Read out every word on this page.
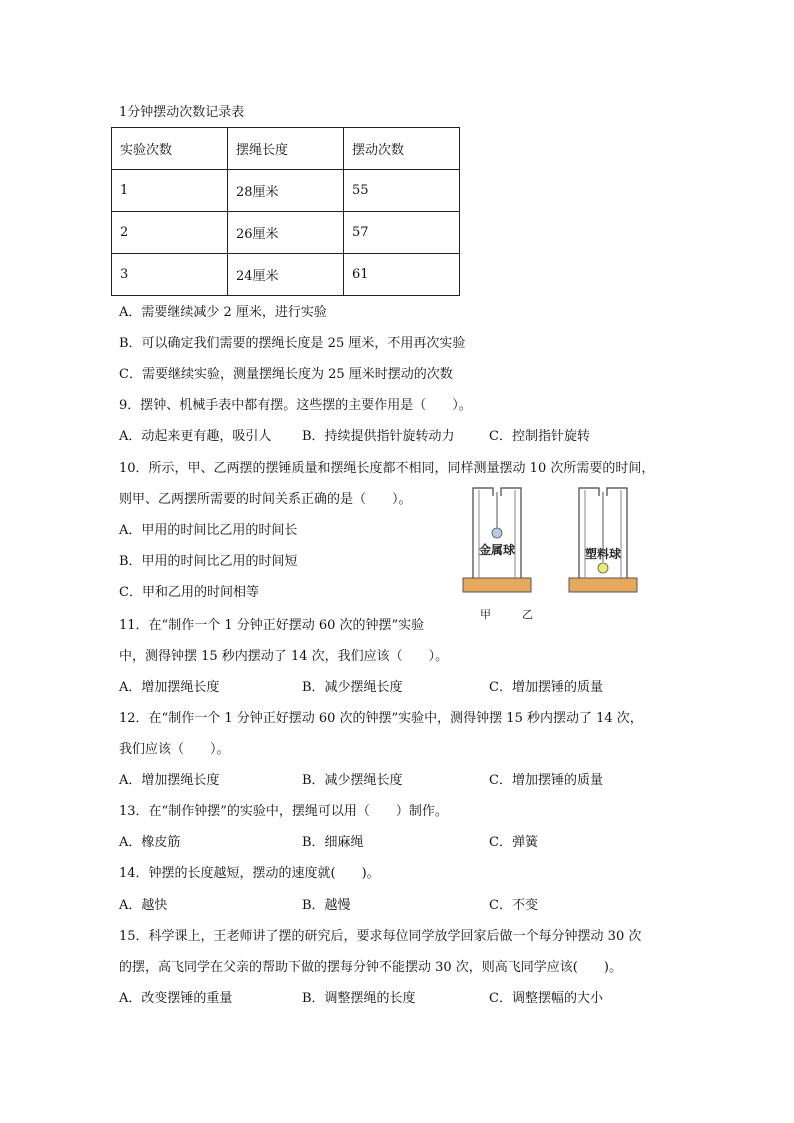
1分钟摆动次数记录表
实验次数	摆绳长度	摆动次数
1	28厘米	55
2	26厘米	57
3	24厘米	61
A．需要继续减少 2 厘米，进行实验
B．可以确定我们需要的摆绳长度是 25 厘米，不用再次实验
C．需要继续实验，测量摆绳长度为 25 厘米时摆动的次数
9．摆钟、机械手表中都有摆。这些摆的主要作用是（　　）。
A．动起来更有趣，吸引人 B．持续提供指针旋转动力	C．控制指针旋转
10．所示，甲、乙两摆的摆锤质量和摆绳长度都不相同，同样测量摆动 10 次所需要的时间，
则甲、乙两摆所需要的时间关系正确的是（　　）。
A．甲用的时间比乙用的时间长
B．甲用的时间比乙用的时间短
C．甲和乙用的时间相等
金属球	塑料球
甲	乙
11．在“制作一个 1 分钟正好摆动 60 次的钟摆”实验
中，测得钟摆 15 秒内摆动了 14 次，我们应该（　　）。
A．增加摆绳长度	B．减少摆绳长度	C．增加摆锤的质量
12．在“制作一个 1 分钟正好摆动 60 次的钟摆”实验中，测得钟摆 15 秒内摆动了 14 次，
我们应该（　　）。
A．增加摆绳长度	B．减少摆绳长度	C．增加摆锤的质量
13．在“制作钟摆”的实验中，摆绳可以用（　　）制作。
A．橡皮筋	B．细麻绳	C．弹簧
14．钟摆的长度越短，摆动的速度就(　　)。
A．越快	B．越慢	C．不变
15．科学课上，王老师讲了摆的研究后，要求每位同学放学回家后做一个每分钟摆动 30 次
的摆，高飞同学在父亲的帮助下做的摆每分钟不能摆动 30 次，则高飞同学应该(　　)。
A．改变摆锤的重量	B．调整摆绳的长度	C．调整摆幅的大小
